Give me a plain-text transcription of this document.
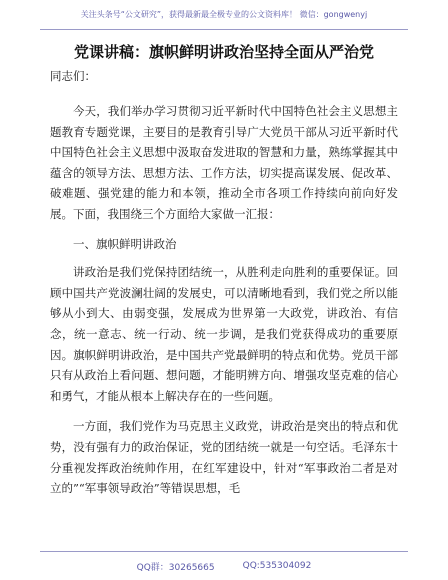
关注头条号“公文研究”，获得最新最全极专业的公文资料库！ 微信：gongwenyj
党课讲稿：旗帜鲜明讲政治坚持全面从严治党

同志们：

今天，我们举办学习贯彻习近平新时代中国特色社会主义思想主题教育专题党课，主要目的是教育引导广大党员干部从习近平新时代中国特色社会主义思想中汲取奋发进取的智慧和力量，熟练掌握其中蕴含的领导方法、思想方法、工作方法，切实提高谋发展、促改革、破难题、强党建的能力和本领，推动全市各项工作持续向前向好发展。下面，我围绕三个方面给大家做一汇报：

一、旗帜鲜明讲政治

讲政治是我们党保持团结统一，从胜利走向胜利的重要保证。回顾中国共产党波澜壮阔的发展史，可以清晰地看到，我们党之所以能够从小到大、由弱变强，发展成为世界第一大政党，讲政治、有信念，统一意志、统一行动、统一步调，是我们党获得成功的重要原因。旗帜鲜明讲政治，是中国共产党最鲜明的特点和优势。党员干部只有从政治上看问题、想问题，才能明辨方向、增强攻坚克难的信心和勇气，才能从根本上解决存在的一些问题。

一方面，我们党作为马克思主义政党，讲政治是突出的特点和优势，没有强有力的政治保证，党的团结统一就是一句空话。毛泽东十分重视发挥政治统帅作用，在红军建设中，针对“军事政治二者是对立的”“军事领导政治”等错误思想，毛

QQ群：30265665	QQ:535304092
